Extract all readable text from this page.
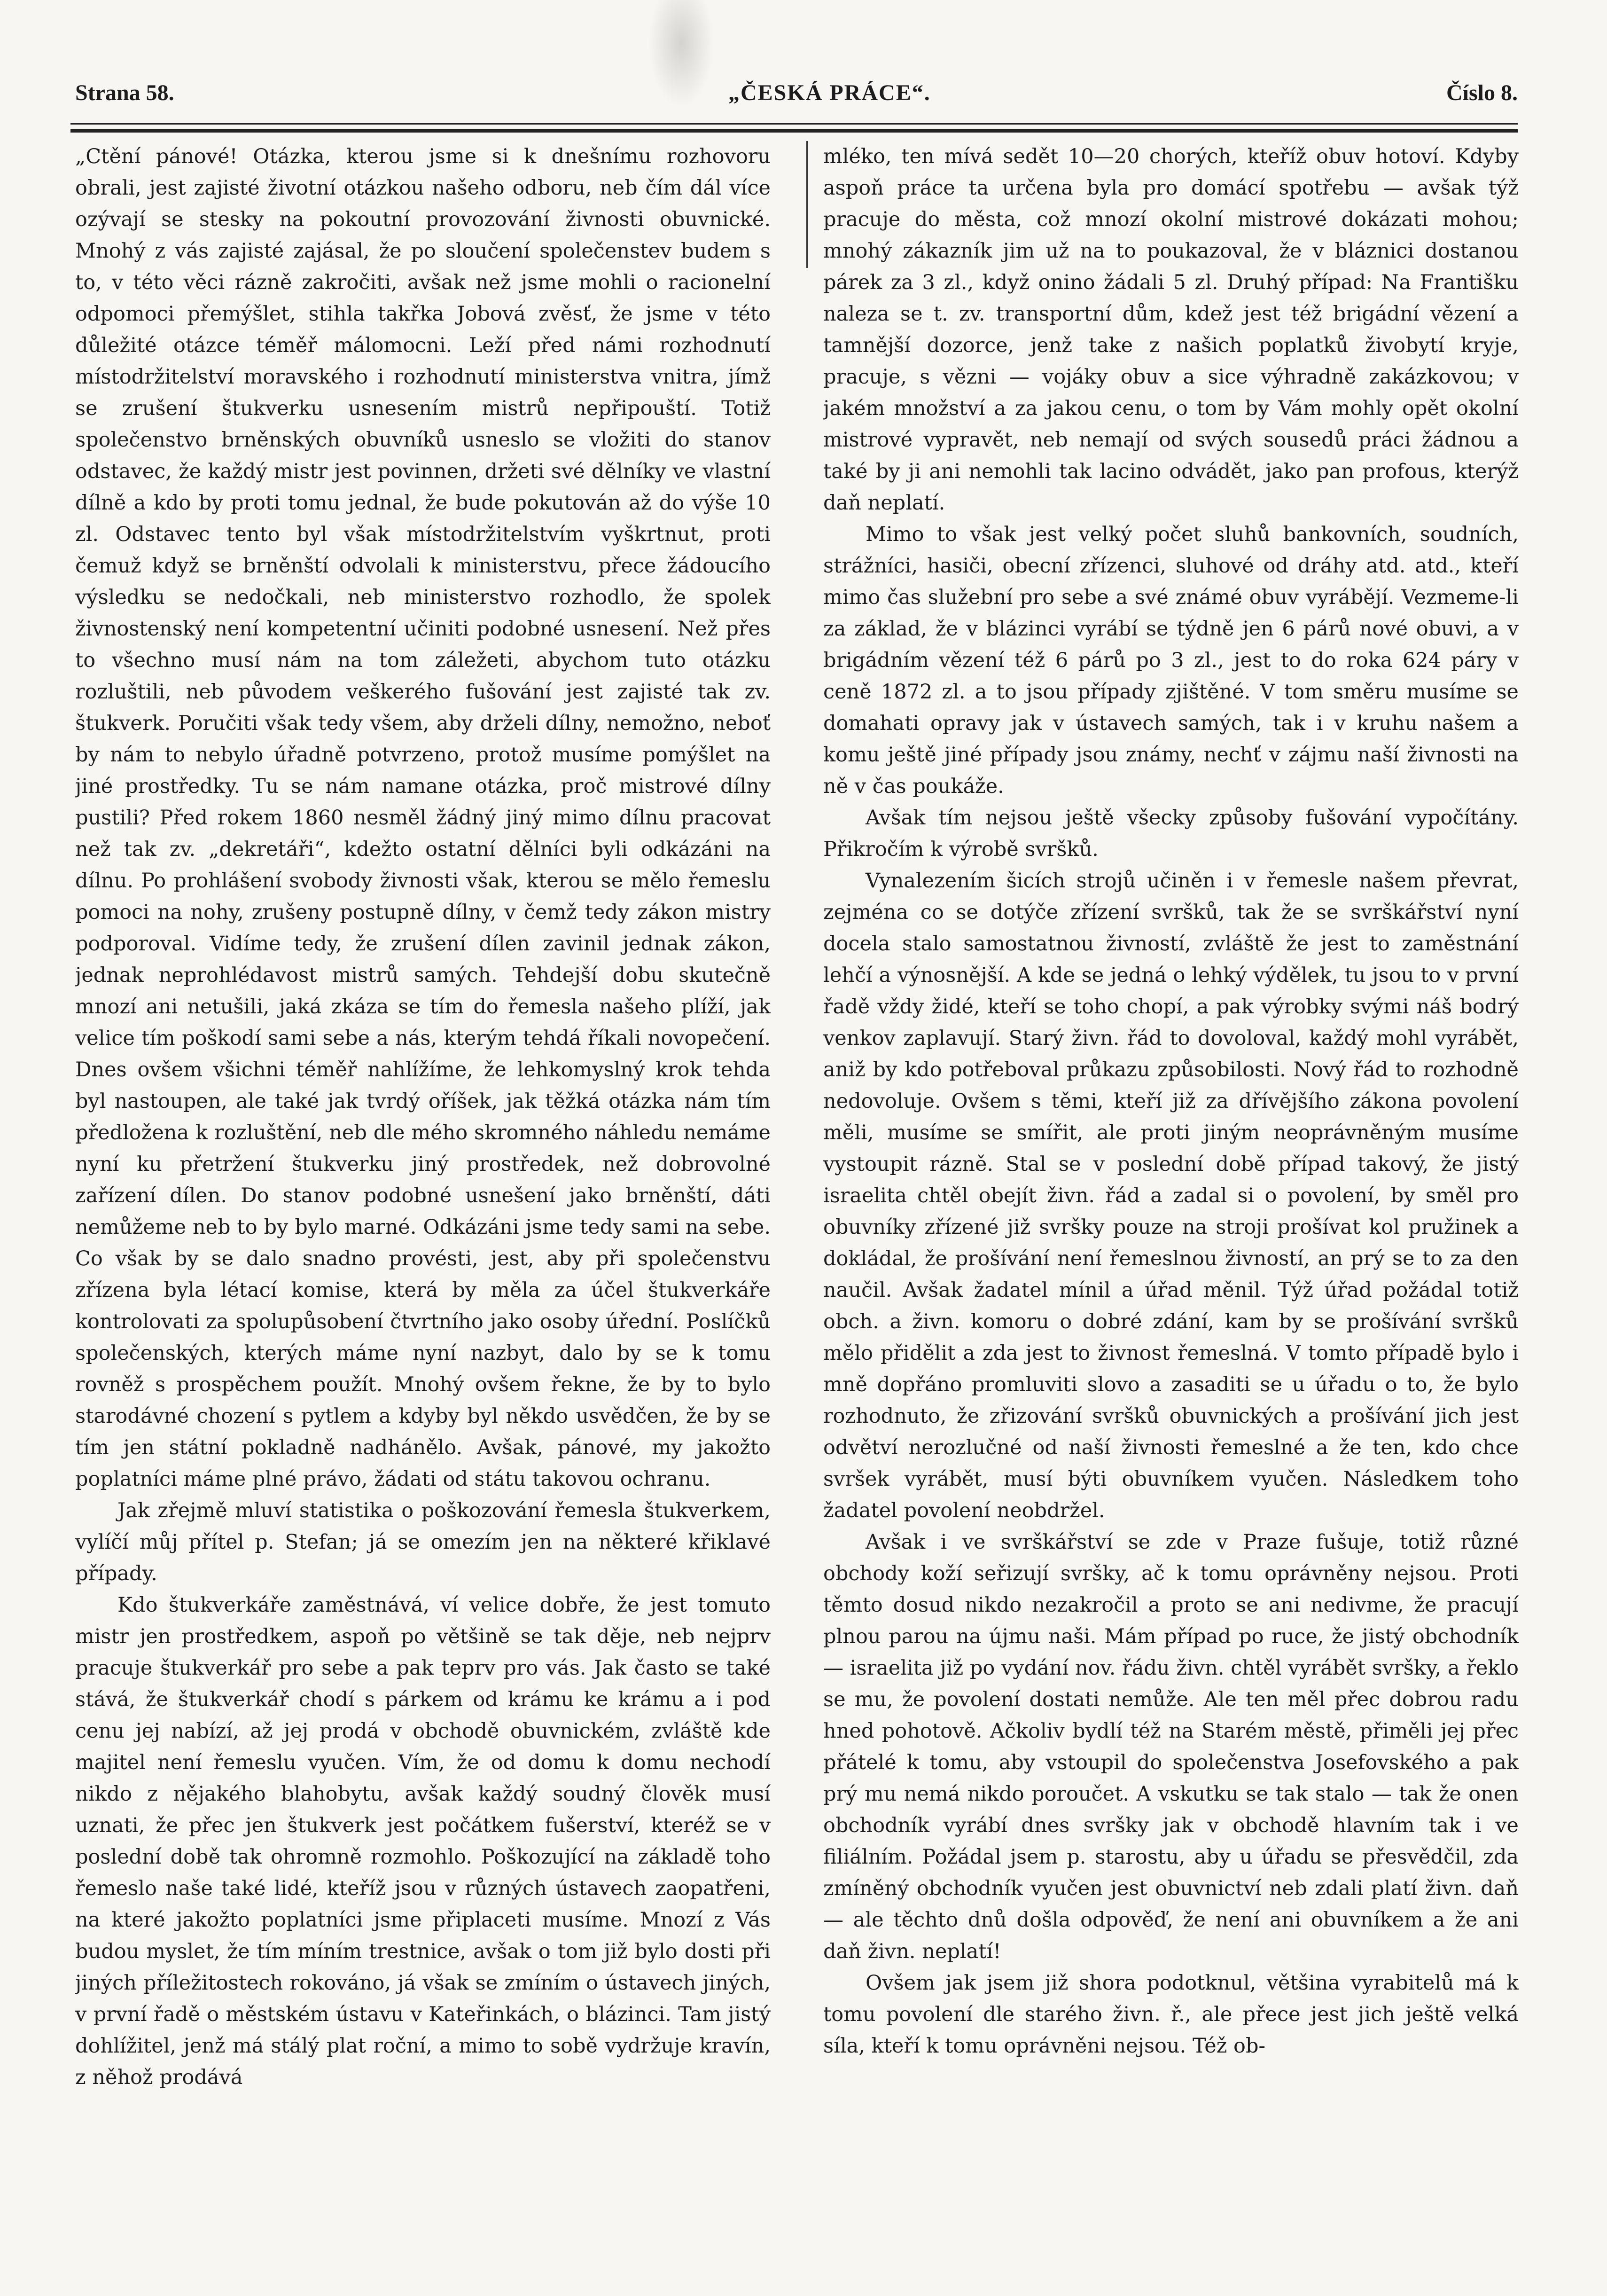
Strana 58.	„ČESKÁ PRÁCE“.	Číslo 8.

„Ctění pánové! Otázka, kterou jsme si k dnešnímu rozhovoru obrali, jest zajisté životní otázkou našeho odboru, neb čím dál více ozývají se stesky na pokoutní provozování živnosti obuvnické. Mnohý z vás zajisté zajásal, že po sloučení společenstev budem s to, v této věci rázně zakročiti, avšak než jsme mohli o racionelní odpomoci přemýšlet, stihla takřka Jobová zvěsť, že jsme v této důležité otázce téměř málomocni. Leží před námi rozhodnutí místodržitelství moravského i rozhodnutí ministerstva vnitra, jímž se zrušení štukverku usnesením mistrů nepřipouští. Totiž společenstvo brněnských obuvníků usneslo se vložiti do stanov odstavec, že každý mistr jest povinnen, držeti své dělníky ve vlastní dílně a kdo by proti tomu jednal, že bude pokutován až do výše 10 zl. Odstavec tento byl však místodržitelstvím vyškrtnut, proti čemuž když se brněnští odvolali k ministerstvu, přece žádoucího výsledku se nedočkali, neb ministerstvo rozhodlo, že spolek živnostenský není kompetentní učiniti podobné usnesení. Než přes to všechno musí nám na tom záležeti, abychom tuto otázku rozluštili, neb původem veškerého fušování jest zajisté tak zv. štukverk. Poručiti však tedy všem, aby drželi dílny, nemožno, neboť by nám to nebylo úřadně potvrzeno, protož musíme pomýšlet na jiné prostředky. Tu se nám namane otázka, proč mistrové dílny pustili? Před rokem 1860 nesměl žádný jiný mimo dílnu pracovat než tak zv. „dekretáři“, kdežto ostatní dělníci byli odkázáni na dílnu. Po prohlášení svobody živnosti však, kterou se mělo řemeslu pomoci na nohy, zrušeny postupně dílny, v čemž tedy zákon mistry podporoval. Vidíme tedy, že zrušení dílen zavinil jednak zákon, jednak neprohlédavost mistrů samých. Tehdejší dobu skutečně mnozí ani netušili, jaká zkáza se tím do řemesla našeho plíží, jak velice tím poškodí sami sebe a nás, kterým tehdá říkali novopečení. Dnes ovšem všichni téměř nahlížíme, že lehkomyslný krok tehda byl nastoupen, ale také jak tvrdý oříšek, jak těžká otázka nám tím předložena k rozluštění, neb dle mého skromného náhledu nemáme nyní ku přetržení štukverku jiný prostředek, než dobrovolné zařízení dílen. Do stanov podobné usnešení jako brněnští, dáti nemůžeme neb to by bylo marné. Odkázáni jsme tedy sami na sebe. Co však by se dalo snadno provésti, jest, aby při společenstvu zřízena byla létací komise, která by měla za účel štukverkáře kontrolovati za spolupůsobení čtvrtního jako osoby úřední. Poslíčků společenských, kterých máme nyní nazbyt, dalo by se k tomu rovněž s prospěchem použít. Mnohý ovšem řekne, že by to bylo starodávné chození s pytlem a kdyby byl někdo usvědčen, že by se tím jen státní pokladně nadhánělo. Avšak, pánové, my jakožto poplatníci máme plné právo, žádati od státu takovou ochranu.

Jak zřejmě mluví statistika o poškozování řemesla štukverkem, vylíčí můj přítel p. Stefan; já se omezím jen na některé křiklavé případy.

Kdo štukverkáře zaměstnává, ví velice dobře, že jest tomuto mistr jen prostředkem, aspoň po většině se tak děje, neb nejprv pracuje štukverkář pro sebe a pak teprv pro vás. Jak často se také stává, že štukverkář chodí s párkem od krámu ke krámu a i pod cenu jej nabízí, až jej prodá v obchodě obuvnickém, zvláště kde majitel není řemeslu vyučen. Vím, že od domu k domu nechodí nikdo z nějakého blahobytu, avšak každý soudný člověk musí uznati, že přec jen štukverk jest počátkem fušerství, kteréž se v poslední době tak ohromně rozmohlo. Poškozující na základě toho řemeslo naše také lidé, kteříž jsou v různých ústavech zaopatřeni, na které jakožto poplatníci jsme připlaceti musíme. Mnozí z Vás budou myslet, že tím míním trestnice, avšak o tom již bylo dosti při jiných příležitostech rokováno, já však se zmíním o ústavech jiných, v první řadě o městském ústavu v Kateřinkách, o blázinci. Tam jistý dohlížitel, jenž má stálý plat roční, a mimo to sobě vydržuje kravín, z něhož prodává

mléko, ten mívá sedět 10—20 chorých, kteříž obuv hotoví. Kdyby aspoň práce ta určena byla pro domácí spotřebu — avšak týž pracuje do města, což mnozí okolní mistrové dokázati mohou; mnohý zákazník jim už na to poukazoval, že v bláznici dostanou párek za 3 zl., když onino žádali 5 zl. Druhý případ: Na Františku naleza se t. zv. transportní dům, kdež jest též brigádní vězení a tamnější dozorce, jenž take z našich poplatků živobytí kryje, pracuje, s vězni — vojáky obuv a sice výhradně zakázkovou; v jakém množství a za jakou cenu, o tom by Vám mohly opět okolní mistrové vypravět, neb nemají od svých sousedů práci žádnou a také by ji ani nemohli tak lacino odvádět, jako pan profous, kterýž daň neplatí.

Mimo to však jest velký počet sluhů bankovních, soudních, strážníci, hasiči, obecní zřízenci, sluhové od dráhy atd. atd., kteří mimo čas služební pro sebe a své známé obuv vyrábějí. Vezmeme-li za základ, že v blázinci vyrábí se týdně jen 6 párů nové obuvi, a v brigádním vězení též 6 párů po 3 zl., jest to do roka 624 páry v ceně 1872 zl. a to jsou případy zjištěné. V tom směru musíme se domahati opravy jak v ústavech samých, tak i v kruhu našem a komu ještě jiné případy jsou známy, nechť v zájmu naší živnosti na ně v čas poukáže.

Avšak tím nejsou ještě všecky způsoby fušování vypočítány. Přikročím k výrobě svršků.

Vynalezením šicích strojů učiněn i v řemesle našem převrat, zejména co se dotýče zřízení svršků, tak že se svrškářství nyní docela stalo samostatnou živností, zvláště že jest to zaměstnání lehčí a výnosnější. A kde se jedná o lehký výdělek, tu jsou to v první řadě vždy židé, kteří se toho chopí, a pak výrobky svými náš bodrý venkov zaplavují. Starý živn. řád to dovoloval, každý mohl vyrábět, aniž by kdo potřeboval průkazu způsobilosti. Nový řád to rozhodně nedovoluje. Ovšem s těmi, kteří již za dřívějšího zákona povolení měli, musíme se smířit, ale proti jiným neoprávněným musíme vystoupit rázně. Stal se v poslední době případ takový, že jistý israelita chtěl obejít živn. řád a zadal si o povolení, by směl pro obuvníky zřízené již svršky pouze na stroji prošívat kol pružinek a dokládal, že prošívání není řemeslnou živností, an prý se to za den naučil. Avšak žadatel mínil a úřad měnil. Týž úřad požádal totiž obch. a živn. komoru o dobré zdání, kam by se prošívání svršků mělo přidělit a zda jest to živnost řemeslná. V tomto případě bylo i mně dopřáno promluviti slovo a zasaditi se u úřadu o to, že bylo rozhodnuto, že zřizování svršků obuvnických a prošívání jich jest odvětví nerozlučné od naší živnosti řemeslné a že ten, kdo chce svršek vyrábět, musí býti obuvníkem vyučen. Následkem toho žadatel povolení neobdržel.

Avšak i ve svrškářství se zde v Praze fušuje, totiž různé obchody koží seřizují svršky, ač k tomu oprávněny nejsou. Proti těmto dosud nikdo nezakročil a proto se ani nedivme, že pracují plnou parou na újmu naši. Mám případ po ruce, že jistý obchodník — israelita již po vydání nov. řádu živn. chtěl vyrábět svršky, a řeklo se mu, že povolení dostati nemůže. Ale ten měl přec dobrou radu hned pohotově. Ačkoliv bydlí též na Starém městě, přiměli jej přec přátelé k tomu, aby vstoupil do společenstva Josefovského a pak prý mu nemá nikdo poroučet. A vskutku se tak stalo — tak že onen obchodník vyrábí dnes svršky jak v obchodě hlavním tak i ve filiálním. Požádal jsem p. starostu, aby u úřadu se přesvědčil, zda zmíněný obchodník vyučen jest obuvnictví neb zdali platí živn. daň — ale těchto dnů došla odpověď, že není ani obuvníkem a že ani daň živn. neplatí!

Ovšem jak jsem již shora podotknul, většina vyrabitelů má k tomu povolení dle starého živn. ř., ale přece jest jich ještě velká síla, kteří k tomu oprávněni nejsou. Též ob-
